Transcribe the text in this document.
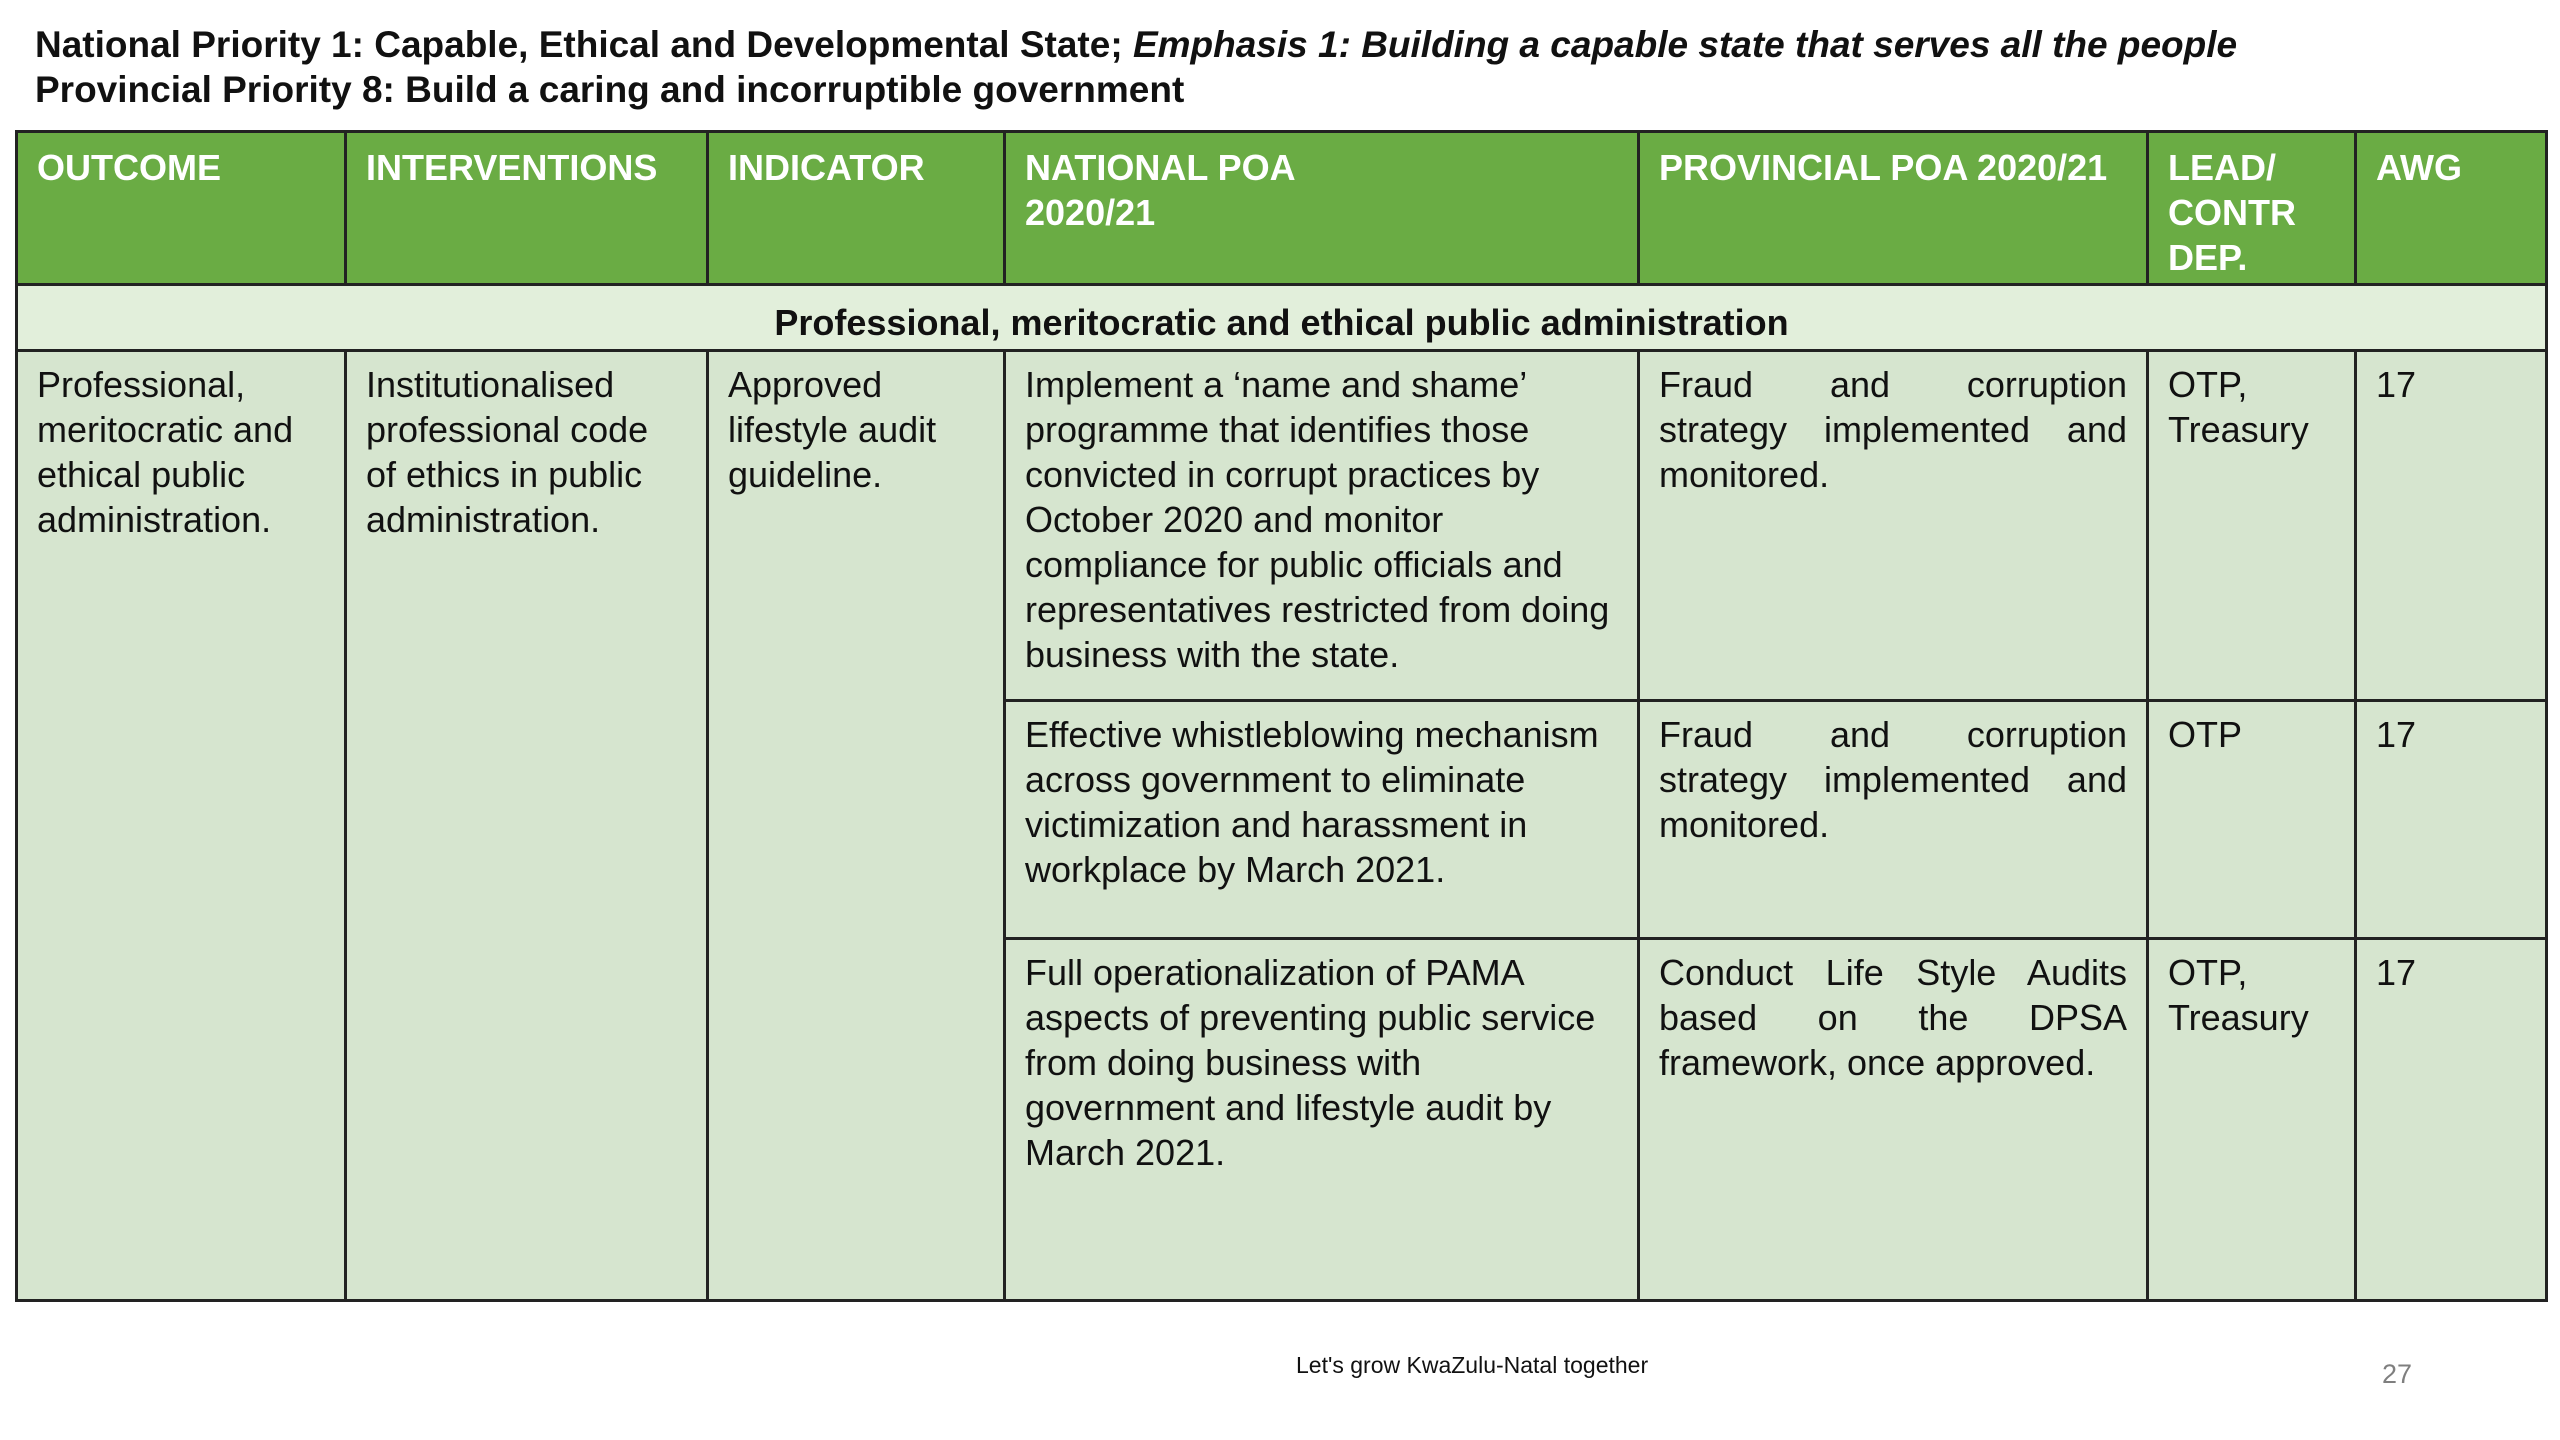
National Priority 1: Capable, Ethical and Developmental State; Emphasis 1: Building a capable state that serves all the people
Provincial Priority 8: Build a caring and incorruptible government
OUTCOME	INTERVENTIONS	INDICATOR	NATIONAL POA 2020/21	PROVINCIAL POA 2020/21	LEAD/ CONTR DEP.	AWG
Professional, meritocratic and ethical public administration						
Professional, meritocratic and ethical public administration.	Institutionalised professional code of ethics in public administration.	Approved lifestyle audit guideline.	Implement a ‘name and shame’ programme that identifies those convicted in corrupt practices by October 2020 and monitor compliance for public officials and representatives restricted from doing business with the state.	Fraud and corruption strategy implemented and monitored.	OTP, Treasury	17
			Effective whistleblowing mechanism across government to eliminate victimization and harassment in workplace by March 2021.	Fraud and corruption strategy implemented and monitored.	OTP	17
			Full operationalization of PAMA aspects of preventing public service from doing business with government and lifestyle audit by March 2021.	Conduct Life Style Audits based on the DPSA framework, once approved.	OTP, Treasury	17
Let's grow KwaZulu-Natal together	27
